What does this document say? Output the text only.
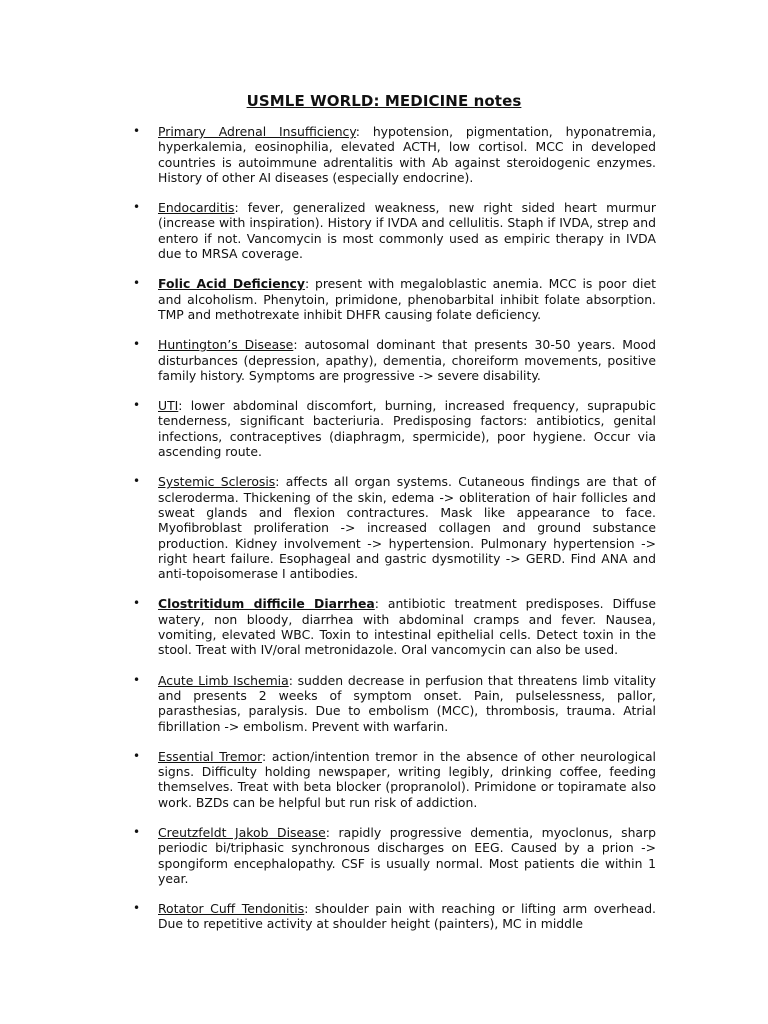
USMLE WORLD: MEDICINE notes
• Primary Adrenal Insufficiency: hypotension, pigmentation, hyponatremia, hyperkalemia, eosinophilia, elevated ACTH, low cortisol. MCC in developed countries is autoimmune adrentalitis with Ab against steroidogenic enzymes. History of other AI diseases (especially endocrine).
• Endocarditis: fever, generalized weakness, new right sided heart murmur (increase with inspiration). History if IVDA and cellulitis. Staph if IVDA, strep and entero if not. Vancomycin is most commonly used as empiric therapy in IVDA due to MRSA coverage.
• Folic Acid Deficiency: present with megaloblastic anemia. MCC is poor diet and alcoholism. Phenytoin, primidone, phenobarbital inhibit folate absorption. TMP and methotrexate inhibit DHFR causing folate deficiency.
• Huntington’s Disease: autosomal dominant that presents 30-50 years. Mood disturbances (depression, apathy), dementia, choreiform movements, positive family history. Symptoms are progressive -> severe disability.
• UTI: lower abdominal discomfort, burning, increased frequency, suprapubic tenderness, significant bacteriuria. Predisposing factors: antibiotics, genital infections, contraceptives (diaphragm, spermicide), poor hygiene. Occur via ascending route.
• Systemic Sclerosis: affects all organ systems. Cutaneous findings are that of scleroderma. Thickening of the skin, edema -> obliteration of hair follicles and sweat glands and flexion contractures. Mask like appearance to face. Myofibroblast proliferation -> increased collagen and ground substance production. Kidney involvement -> hypertension. Pulmonary hypertension -> right heart failure. Esophageal and gastric dysmotility -> GERD. Find ANA and anti-topoisomerase I antibodies.
• Clostritidum difficile Diarrhea: antibiotic treatment predisposes. Diffuse watery, non bloody, diarrhea with abdominal cramps and fever. Nausea, vomiting, elevated WBC. Toxin to intestinal epithelial cells. Detect toxin in the stool. Treat with IV/oral metronidazole. Oral vancomycin can also be used.
• Acute Limb Ischemia: sudden decrease in perfusion that threatens limb vitality and presents 2 weeks of symptom onset. Pain, pulselessness, pallor, parasthesias, paralysis. Due to embolism (MCC), thrombosis, trauma. Atrial fibrillation -> embolism. Prevent with warfarin.
• Essential Tremor: action/intention tremor in the absence of other neurological signs. Difficulty holding newspaper, writing legibly, drinking coffee, feeding themselves. Treat with beta blocker (propranolol). Primidone or topiramate also work. BZDs can be helpful but run risk of addiction.
• Creutzfeldt Jakob Disease: rapidly progressive dementia, myoclonus, sharp periodic bi/triphasic synchronous discharges on EEG. Caused by a prion -> spongiform encephalopathy. CSF is usually normal. Most patients die within 1 year.
• Rotator Cuff Tendonitis: shoulder pain with reaching or lifting arm overhead. Due to repetitive activity at shoulder height (painters), MC in middle
